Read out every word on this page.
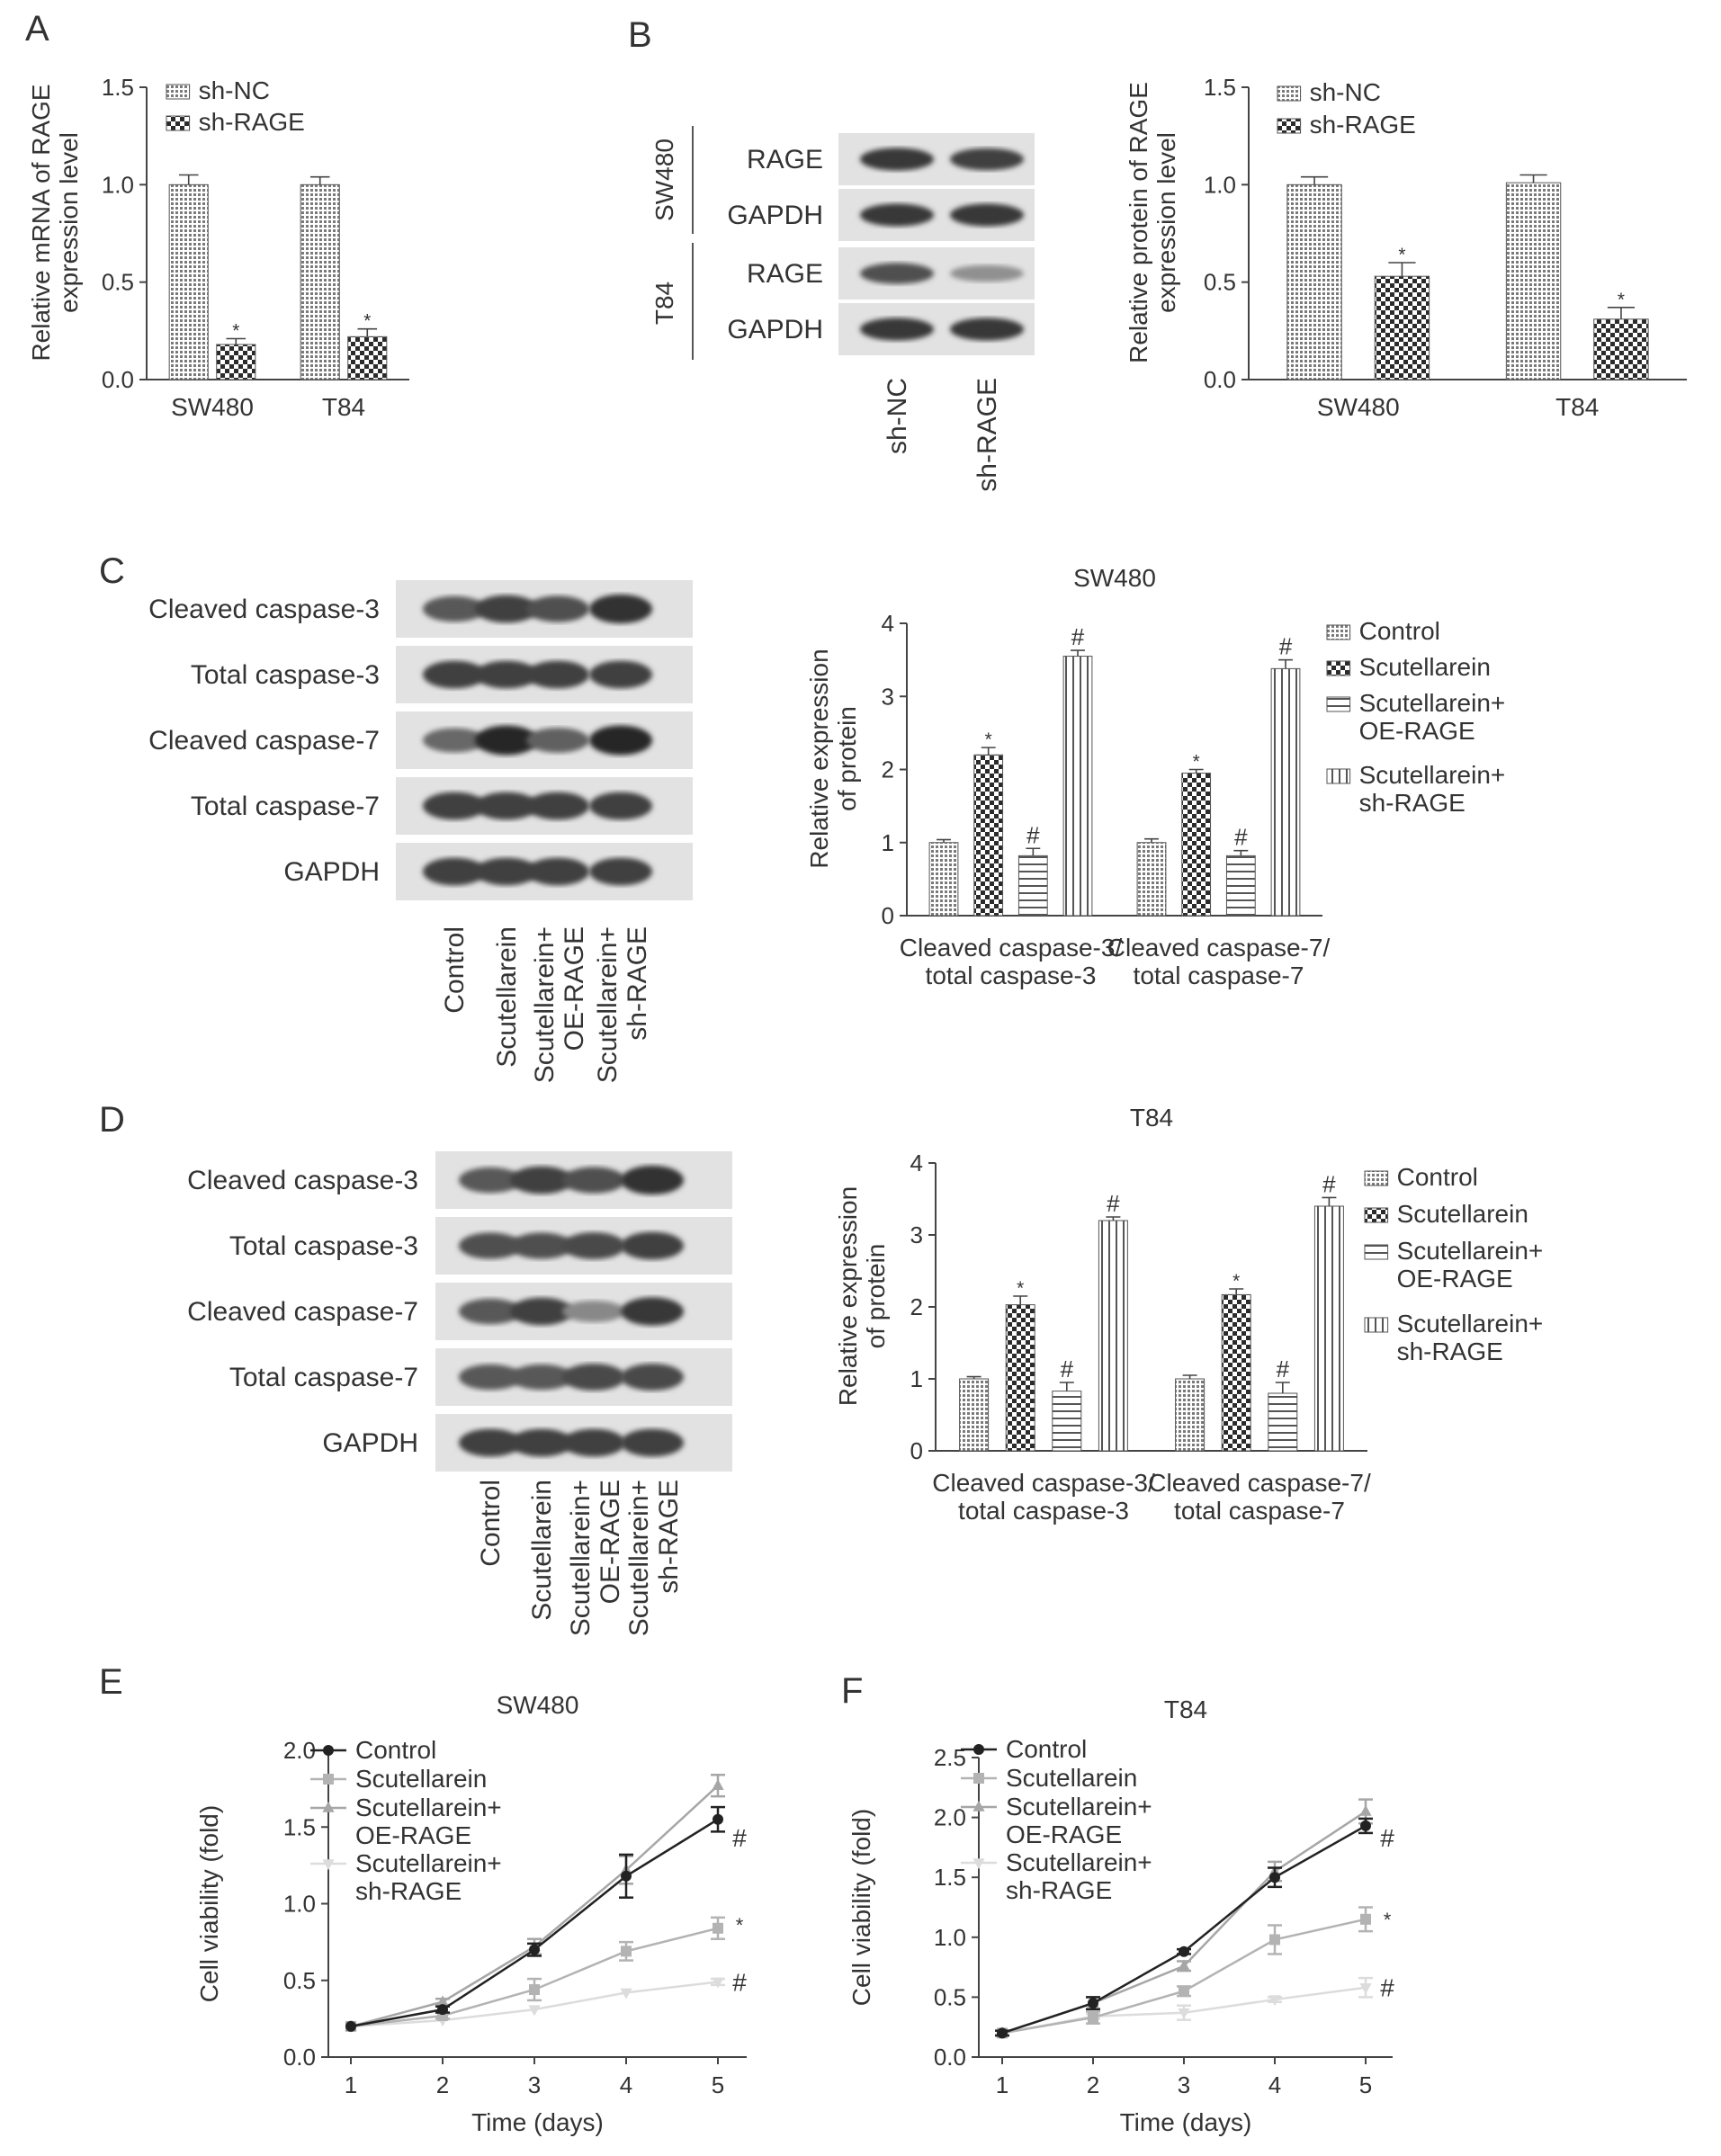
A	B
C
D
E	F
RAGE
GAPDH
RAGE
GAPDH
SW480
T84
sh-NC sh-RAGE
Cleaved caspase-3
Total caspase-3
Cleaved caspase-7
Total caspase-7
GAPDH
Control Scutellarein Scutellarein+OE-RAGE Scutellarein+sh-RAGE
Cleaved caspase-3
Total caspase-3
Cleaved caspase-7
Total caspase-7
GAPDH
Control Scutellarein Scutellarein+OE-RAGE Scutellarein+sh-RAGE
0.0
0.5
1.0
1.5
Relative mRNA of RAGEexpression level
*
SW480
*
T84
sh-NC
sh-RAGE
0.0
0.5
1.0
1.5
Relative protein of RAGEexpression level	*
SW480
*
T84
sh-NC
sh-RAGE
0
1
2
3
4
Relative expressionof protein
SW480
*
#
#
Cleaved caspase-3/ total caspase-3
*
#
#
Cleaved caspase-7/ total caspase-7
Control
Scutellarein
Scutellarein+ OE-RAGE
Scutellarein+ sh-RAGE
0
1
2
3
4
Relative expressionof protein
T84
*
#
#
Cleaved caspase-3/ total caspase-3
*
#
#
Cleaved caspase-7/ total caspase-7
Control
Scutellarein
Scutellarein+ OE-RAGE
Scutellarein+ sh-RAGE
0.0
0.5
1.0
1.5
2.0
1	2	3	4	5
Time (days)
Cell viability (fold)
SW480
#
*
#
Control
Scutellarein
Scutellarein+ OE-RAGE
Scutellarein+ sh-RAGE
0.0
0.5
1.0
1.5
2.0
2.5
1	2	3	4	5
Time (days)
Cell viability (fold)
T84
#
*
#
Control
Scutellarein
Scutellarein+ OE-RAGE
Scutellarein+ sh-RAGE
